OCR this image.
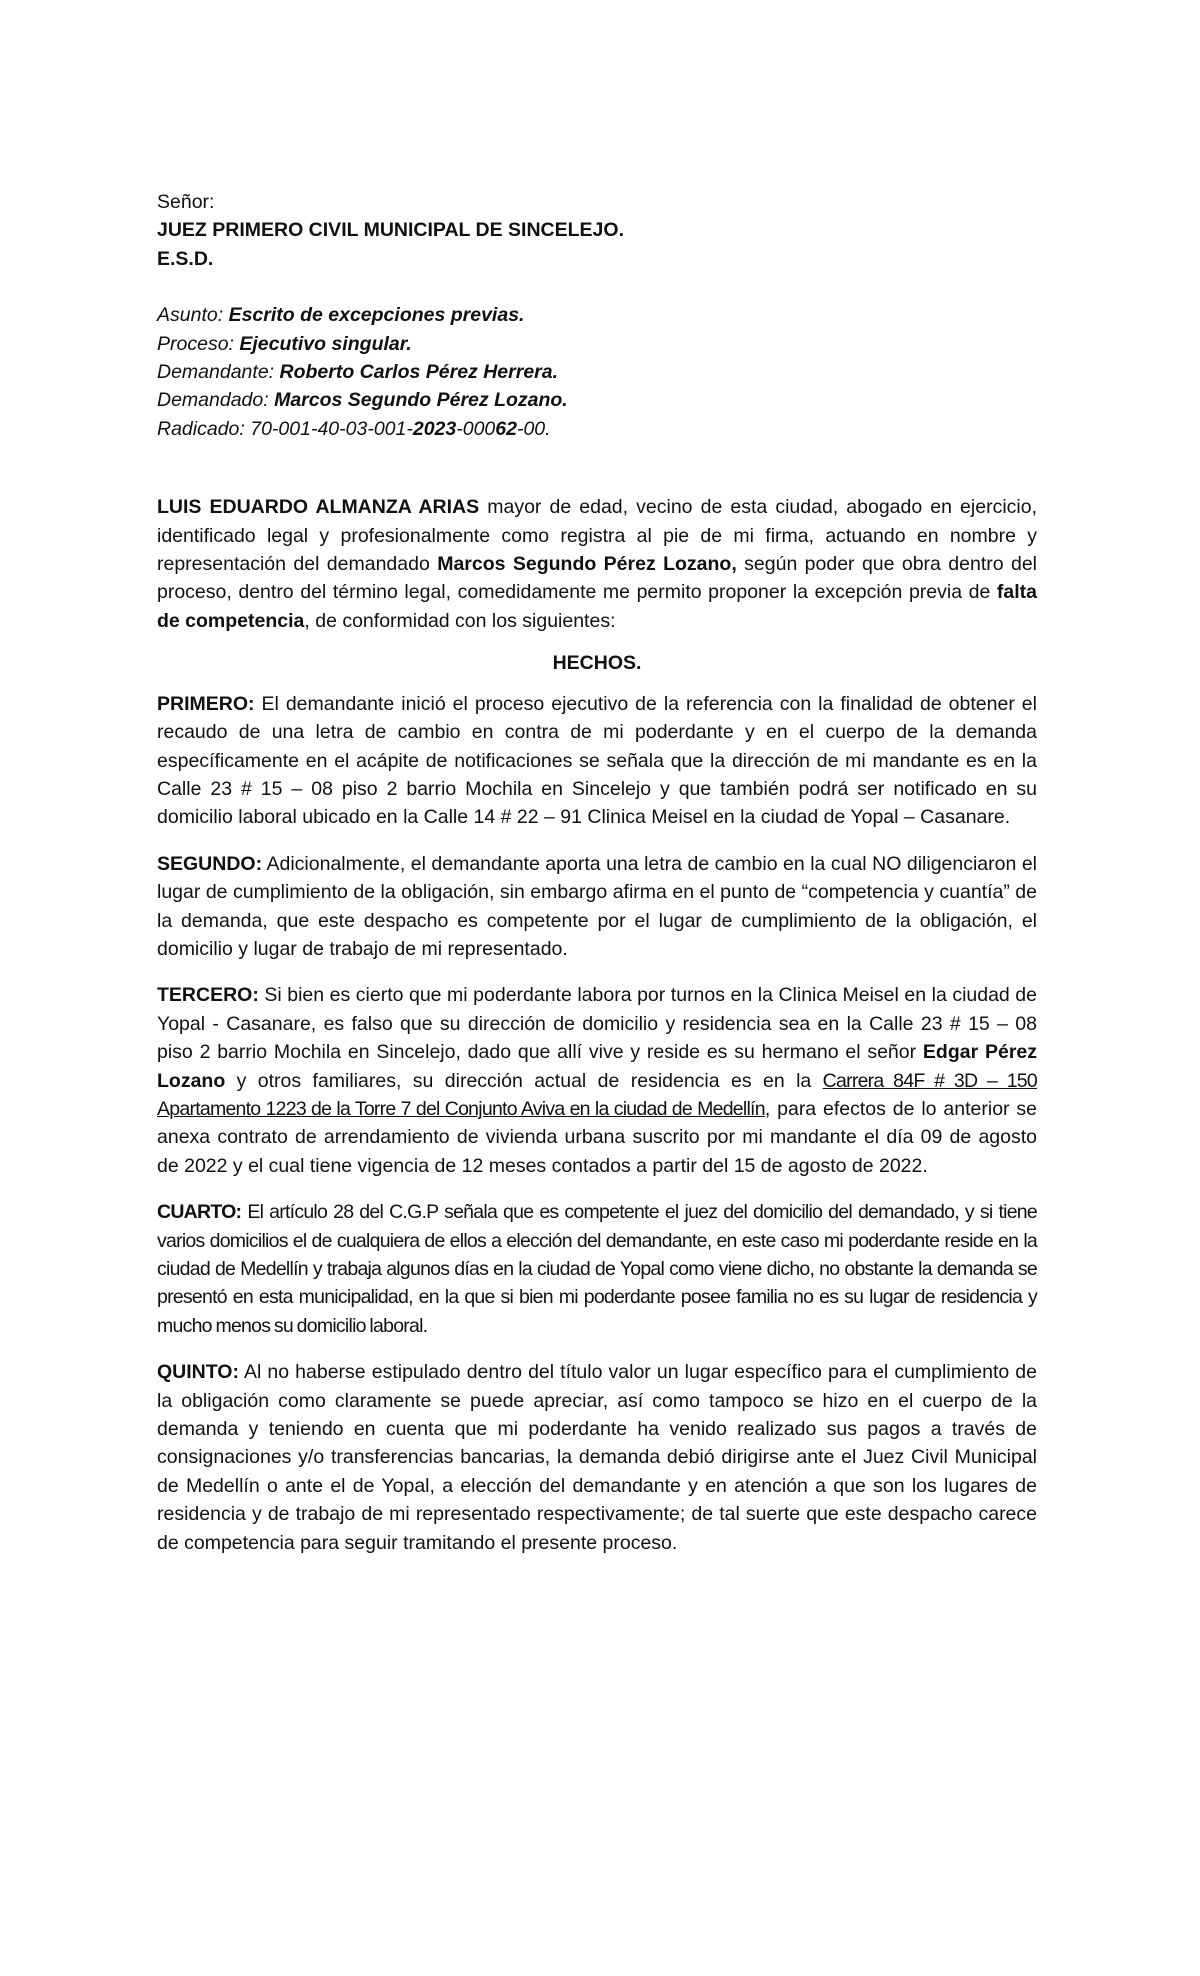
Señor:
JUEZ PRIMERO CIVIL MUNICIPAL DE SINCELEJO.
E.S.D.
Asunto: Escrito de excepciones previas.
Proceso: Ejecutivo singular.
Demandante: Roberto Carlos Pérez Herrera.
Demandado: Marcos Segundo Pérez Lozano.
Radicado: 70-001-40-03-001-2023-00062-00.

LUIS EDUARDO ALMANZA ARIAS mayor de edad, vecino de esta ciudad, abogado en ejercicio, identificado legal y profesionalmente como registra al pie de mi firma, actuando en nombre y representación del demandado Marcos Segundo Pérez Lozano, según poder que obra dentro del proceso, dentro del término legal, comedidamente me permito proponer la excepción previa de falta de competencia, de conformidad con los siguientes:

HECHOS.

PRIMERO: El demandante inició el proceso ejecutivo de la referencia con la finalidad de obtener el recaudo de una letra de cambio en contra de mi poderdante y en el cuerpo de la demanda específicamente en el acápite de notificaciones se señala que la dirección de mi mandante es en la Calle 23 # 15 – 08 piso 2 barrio Mochila en Sincelejo y que también podrá ser notificado en su domicilio laboral ubicado en la Calle 14 # 22 – 91 Clinica Meisel en la ciudad de Yopal – Casanare.

SEGUNDO: Adicionalmente, el demandante aporta una letra de cambio en la cual NO diligenciaron el lugar de cumplimiento de la obligación, sin embargo afirma en el punto de “competencia y cuantía” de la demanda, que este despacho es competente por el lugar de cumplimiento de la obligación, el domicilio y lugar de trabajo de mi representado.

TERCERO: Si bien es cierto que mi poderdante labora por turnos en la Clinica Meisel en la ciudad de Yopal - Casanare, es falso que su dirección de domicilio y residencia sea en la Calle 23 # 15 – 08 piso 2 barrio Mochila en Sincelejo, dado que allí vive y reside es su hermano el señor Edgar Pérez Lozano y otros familiares, su dirección actual de residencia es en la Carrera 84F # 3D – 150 Apartamento 1223 de la Torre 7 del Conjunto Aviva en la ciudad de Medellín, para efectos de lo anterior se anexa contrato de arrendamiento de vivienda urbana suscrito por mi mandante el día 09 de agosto de 2022 y el cual tiene vigencia de 12 meses contados a partir del 15 de agosto de 2022.

CUARTO: El artículo 28 del C.G.P señala que es competente el juez del domicilio del demandado, y si tiene varios domicilios el de cualquiera de ellos a elección del demandante, en este caso mi poderdante reside en la ciudad de Medellín y trabaja algunos días en la ciudad de Yopal como viene dicho, no obstante la demanda se presentó en esta municipalidad, en la que si bien mi poderdante posee familia no es su lugar de residencia y mucho menos su domicilio laboral.

QUINTO: Al no haberse estipulado dentro del título valor un lugar específico para el cumplimiento de la obligación como claramente se puede apreciar, así como tampoco se hizo en el cuerpo de la demanda y teniendo en cuenta que mi poderdante ha venido realizado sus pagos a través de consignaciones y/o transferencias bancarias, la demanda debió dirigirse ante el Juez Civil Municipal de Medellín o ante el de Yopal, a elección del demandante y en atención a que son los lugares de residencia y de trabajo de mi representado respectivamente; de tal suerte que este despacho carece de competencia para seguir tramitando el presente proceso.
